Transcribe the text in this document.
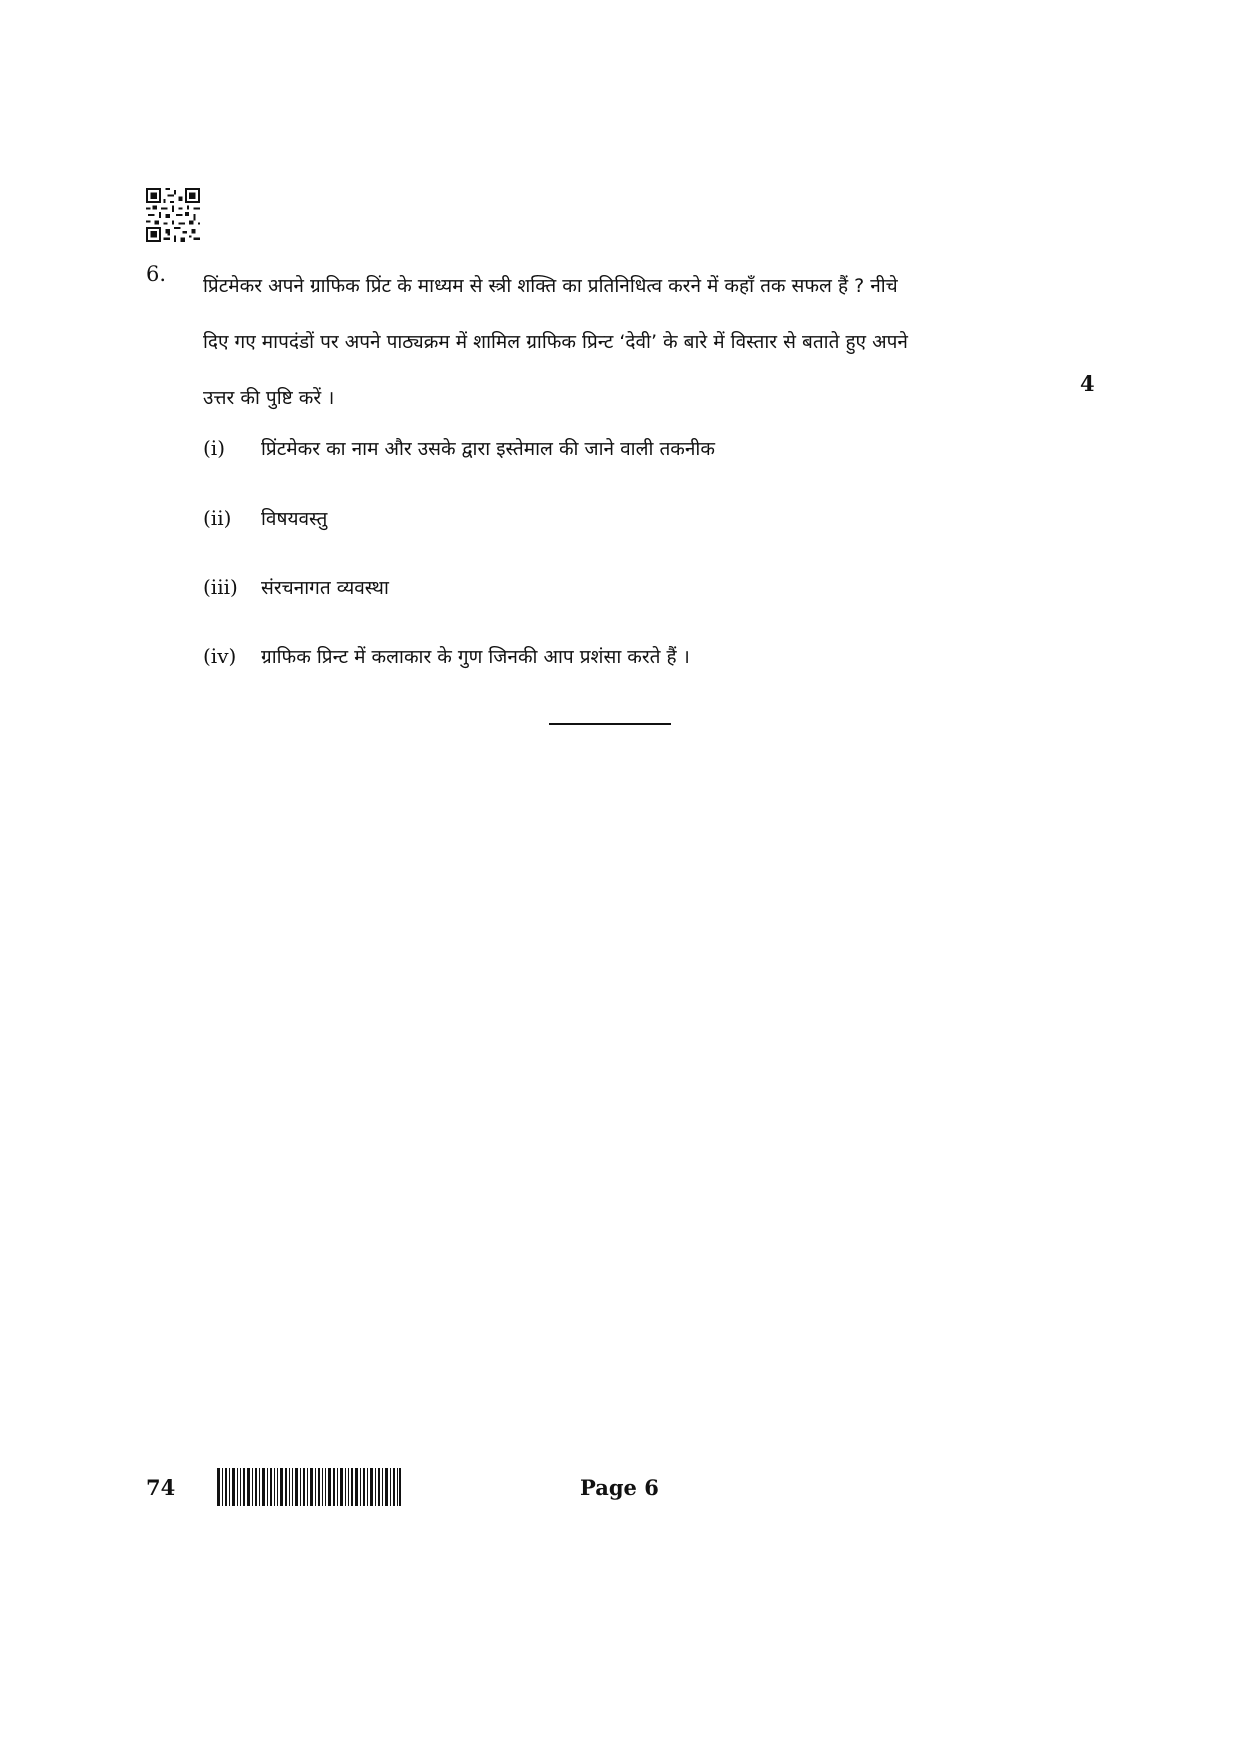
6. प्रिंटमेकर अपने ग्राफिक प्रिंट के माध्यम से स्त्री शक्ति का प्रतिनिधित्व करने में कहाँ तक सफल हैं ? नीचे
दिए गए मापदंडों पर अपने पाठ्यक्रम में शामिल ग्राफिक प्रिन्ट ‘देवी’ के बारे में विस्तार से बताते हुए अपने
उत्तर की पुष्टि करें ।
4
(i) प्रिंटमेकर का नाम और उसके द्वारा इस्तेमाल की जाने वाली तकनीक
(ii) विषयवस्तु
(iii) संरचनागत व्यवस्था
(iv) ग्राफिक प्रिन्ट में कलाकार के गुण जिनकी आप प्रशंसा करते हैं ।
74	Page 6
